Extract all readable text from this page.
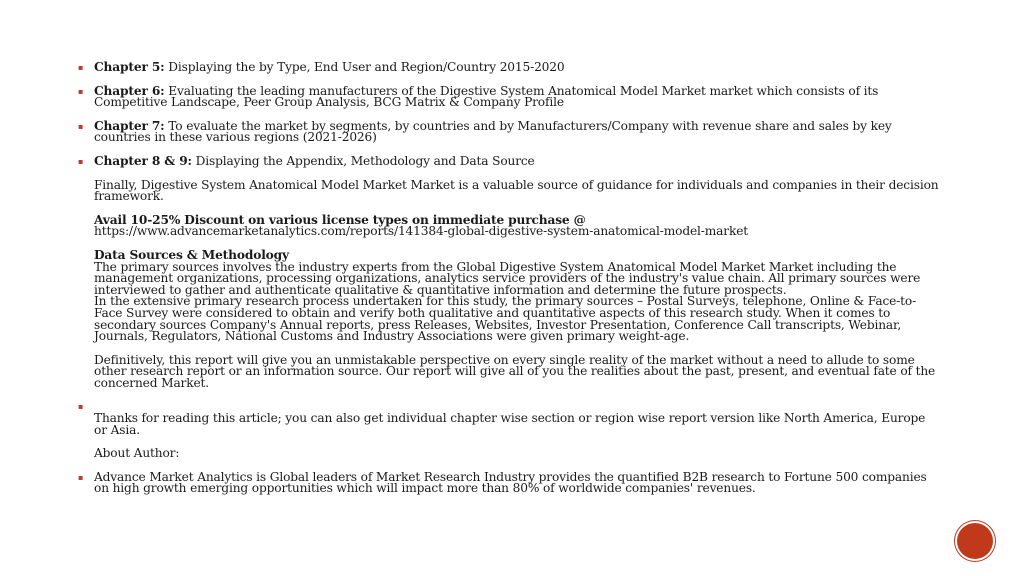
▪ Chapter 5: Displaying the by Type, End User and Region/Country 2015-2020
▪ Chapter 6: Evaluating the leading manufacturers of the Digestive System Anatomical Model Market market which consists of its Competitive Landscape, Peer Group Analysis, BCG Matrix & Company Profile
▪ Chapter 7: To evaluate the market by segments, by countries and by Manufacturers/Company with revenue share and sales by key countries in these various regions (2021-2026)
▪ Chapter 8 & 9: Displaying the Appendix, Methodology and Data Source
Finally, Digestive System Anatomical Model Market Market is a valuable source of guidance for individuals and companies in their decision framework.
Avail 10-25% Discount on various license types on immediate purchase @
https://www.advancemarketanalytics.com/reports/141384-global-digestive-system-anatomical-model-market
Data Sources & Methodology
The primary sources involves the industry experts from the Global Digestive System Anatomical Model Market Market including the management organizations, processing organizations, analytics service providers of the industry's value chain. All primary sources were interviewed to gather and authenticate qualitative & quantitative information and determine the future prospects.
In the extensive primary research process undertaken for this study, the primary sources – Postal Surveys, telephone, Online & Face-to-Face Survey were considered to obtain and verify both qualitative and quantitative aspects of this research study. When it comes to secondary sources Company's Annual reports, press Releases, Websites, Investor Presentation, Conference Call transcripts, Webinar, Journals, Regulators, National Customs and Industry Associations were given primary weight-age.
Definitively, this report will give you an unmistakable perspective on every single reality of the market without a need to allude to some other research report or an information source. Our report will give all of you the realities about the past, present, and eventual fate of the concerned Market.
▪

Thanks for reading this article; you can also get individual chapter wise section or region wise report version like North America, Europe or Asia.
About Author:
▪ Advance Market Analytics is Global leaders of Market Research Industry provides the quantified B2B research to Fortune 500 companies on high growth emerging opportunities which will impact more than 80% of worldwide companies' revenues.
